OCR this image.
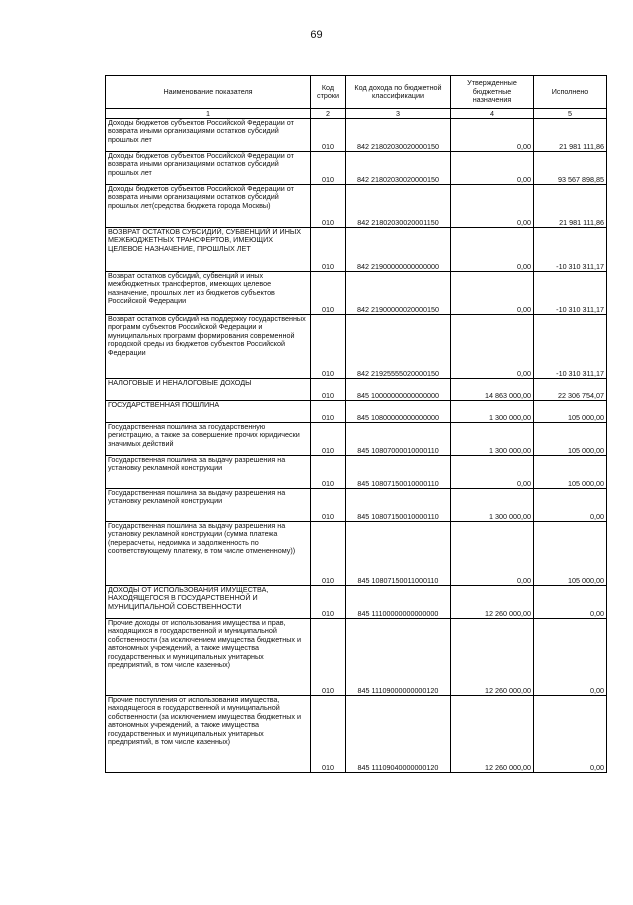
69
Наименование показателя	Код строки	Код дохода по бюджетной классификации	Утвержденные бюджетные назначения	Исполнено
1	2	3	4	5
Доходы бюджетов субъектов Российской Федерации от возврата иными организациями остатков субсидий прошлых лет	010	842 21802030020000150	0,00	21 981 111,86
Доходы бюджетов субъектов Российской Федерации от возврата иными организациями остатков субсидий прошлых лет	010	842 21802030020000150	0,00	93 567 898,85
Доходы бюджетов субъектов Российской Федерации от возврата иными организациями остатков субсидий прошлых лет(средства бюджета города Москвы)	010	842 21802030020001150	0,00	21 981 111,86
ВОЗВРАТ ОСТАТКОВ СУБСИДИЙ, СУБВЕНЦИЙ И ИНЫХ МЕЖБЮДЖЕТНЫХ ТРАНСФЕРТОВ, ИМЕЮЩИХ ЦЕЛЕВОЕ НАЗНАЧЕНИЕ, ПРОШЛЫХ ЛЕТ	010	842 21900000000000000	0,00	-10 310 311,17
Возврат остатков субсидий, субвенций и иных межбюджетных трансфертов, имеющих целевое назначение, прошлых лет из бюджетов субъектов Российской Федерации	010	842 21900000020000150	0,00	-10 310 311,17
Возврат остатков субсидий на поддержку государственных программ субъектов Российской Федерации и муниципальных программ формирования современной городской среды из бюджетов субъектов Российской Федерации	010	842 21925555020000150	0,00	-10 310 311,17
НАЛОГОВЫЕ И НЕНАЛОГОВЫЕ ДОХОДЫ	010	845 10000000000000000	14 863 000,00	22 306 754,07
ГОСУДАРСТВЕННАЯ ПОШЛИНА	010	845 10800000000000000	1 300 000,00	105 000,00
Государственная пошлина за государственную регистрацию, а также за совершение прочих юридически значимых действий	010	845 10807000010000110	1 300 000,00	105 000,00
Государственная пошлина за выдачу разрешения на установку рекламной конструкции	010	845 10807150010000110	0,00	105 000,00
Государственная пошлина за выдачу разрешения на установку рекламной конструкции	010	845 10807150010000110	1 300 000,00	0,00
Государственная пошлина за выдачу разрешения на установку рекламной конструкции (сумма платежа (перерасчеты, недоимка и задолженность по соответствующему платежу, в том числе отмененному))	010	845 10807150011000110	0,00	105 000,00
ДОХОДЫ ОТ ИСПОЛЬЗОВАНИЯ ИМУЩЕСТВА, НАХОДЯЩЕГОСЯ В ГОСУДАРСТВЕННОЙ И МУНИЦИПАЛЬНОЙ СОБСТВЕННОСТИ	010	845 11100000000000000	12 260 000,00	0,00
Прочие доходы от использования имущества и прав, находящихся в государственной и муниципальной собственности (за исключением имущества бюджетных и автономных учреждений, а также имущества государственных и муниципальных унитарных предприятий, в том числе казенных)	010	845 11109000000000120	12 260 000,00	0,00
Прочие поступления от использования имущества, находящегося в государственной и муниципальной собственности (за исключением имущества бюджетных и автономных учреждений, а также имущества государственных и муниципальных унитарных предприятий, в том числе казенных)	010	845 11109040000000120	12 260 000,00	0,00
